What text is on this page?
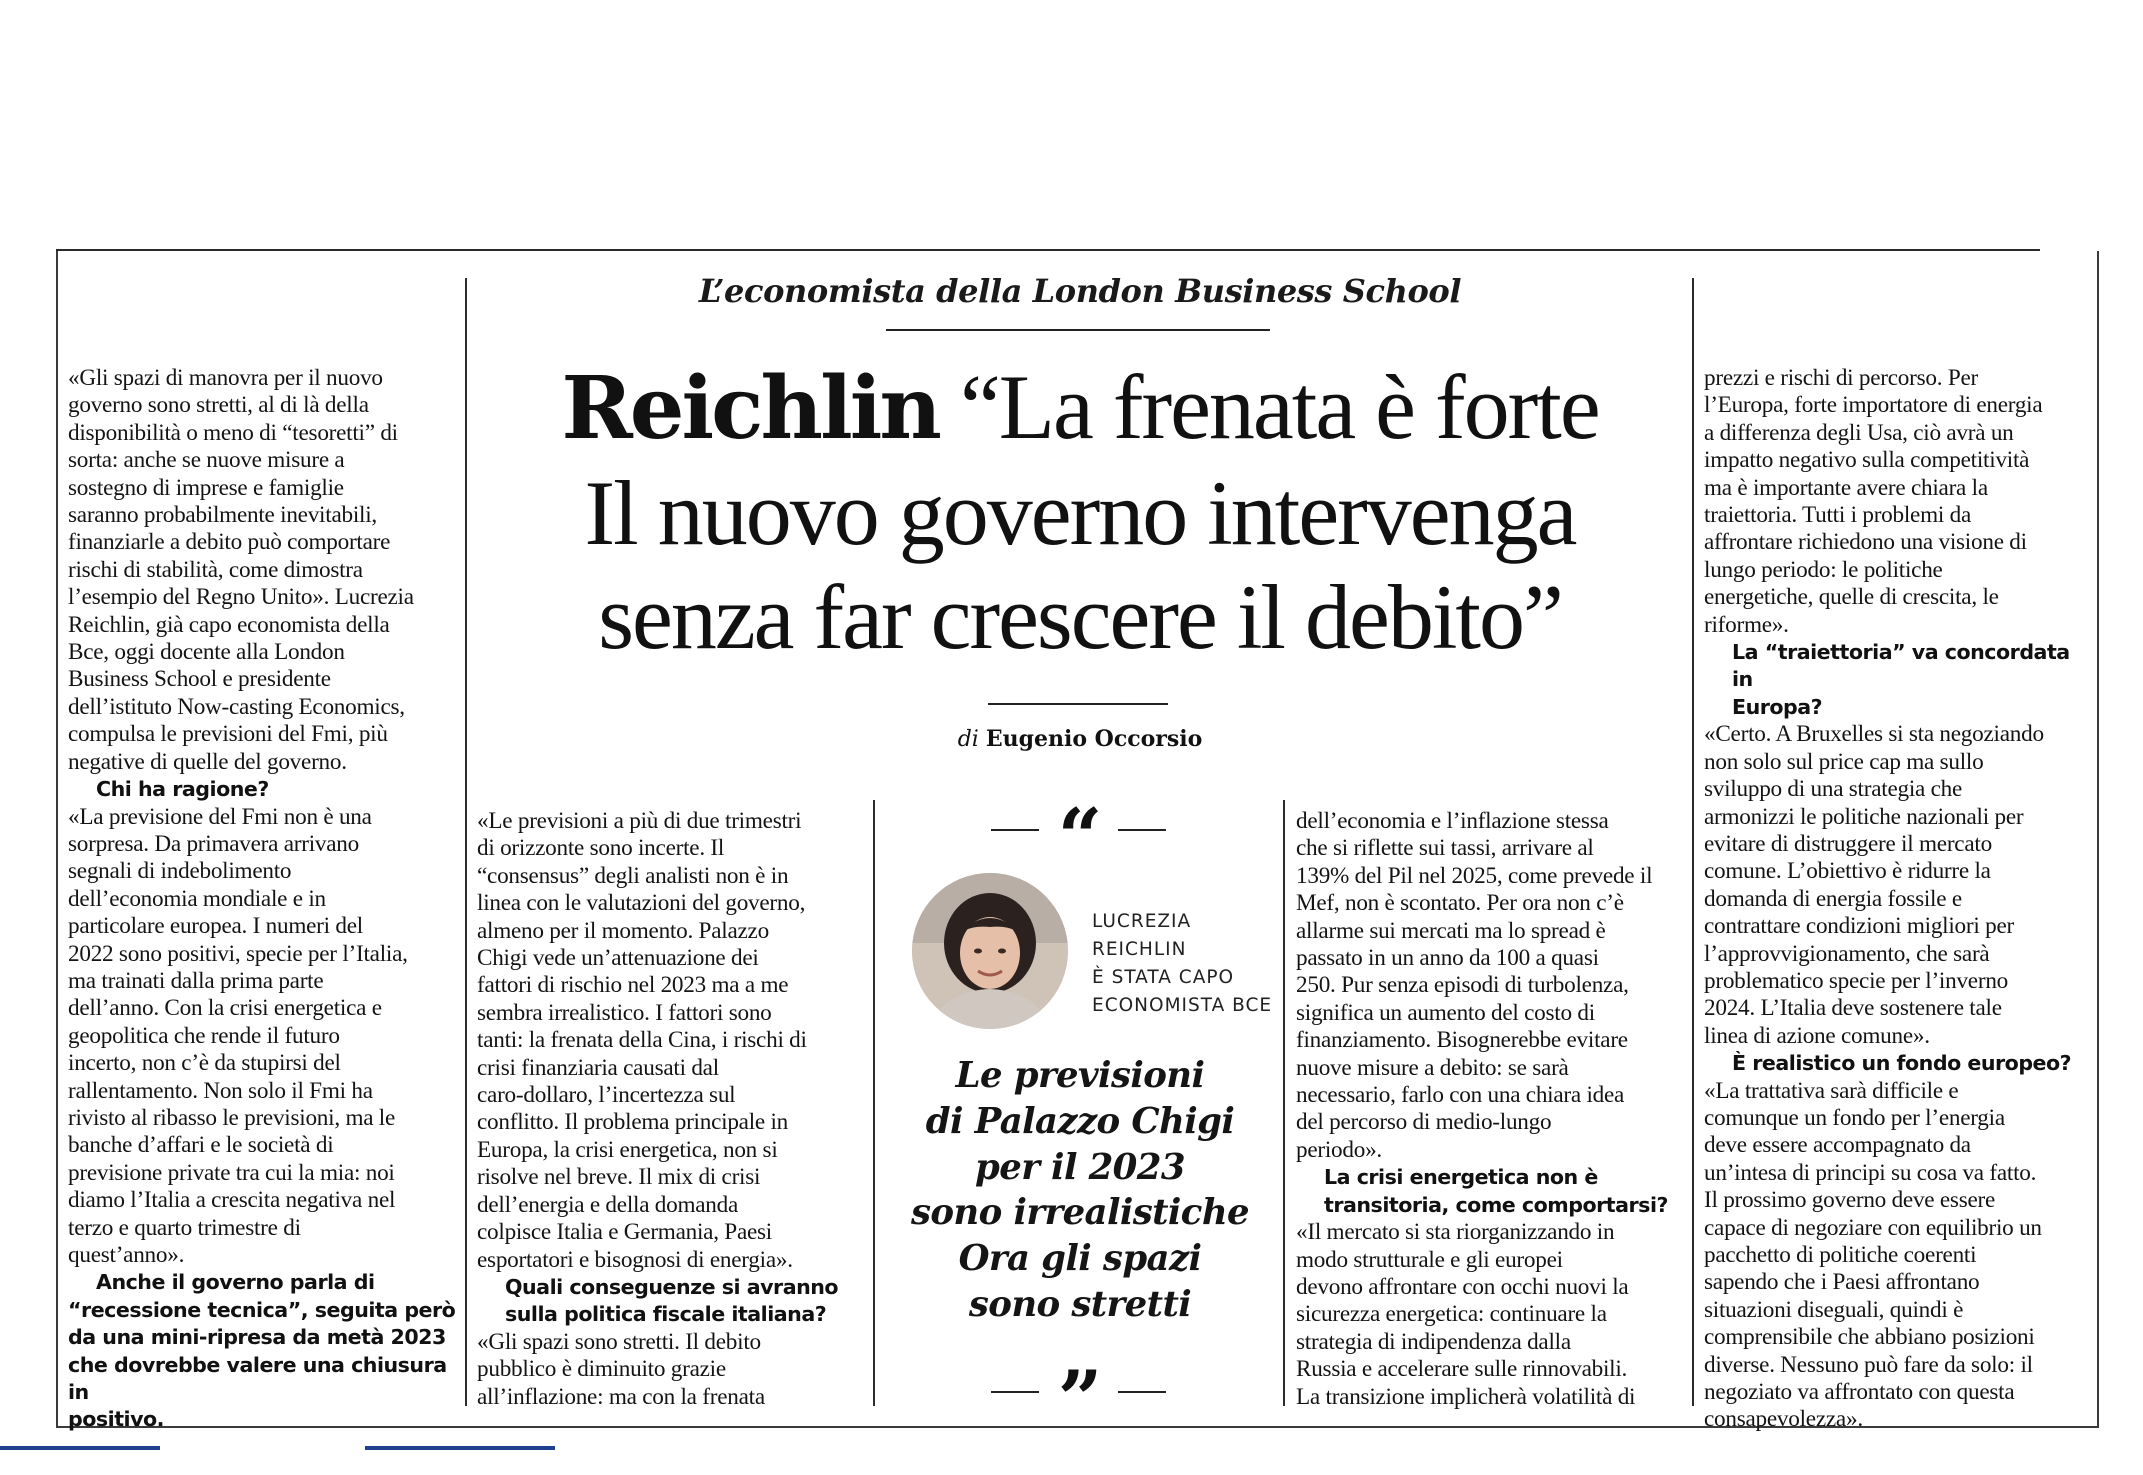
L’economista della London Business School
Reichlin “La frenata è forte
Il nuovo governo intervenga
senza far crescere il debito”
di Eugenio Occorsio
«Gli spazi di manovra per il nuovo
governo sono stretti, al di là della
disponibilità o meno di “tesoretti” di
sorta: anche se nuove misure a
sostegno di imprese e famiglie
saranno probabilmente inevitabili,
finanziarle a debito può comportare
rischi di stabilità, come dimostra
l’esempio del Regno Unito». Lucrezia
Reichlin, già capo economista della
Bce, oggi docente alla London
Business School e presidente
dell’istituto Now-casting Economics,
compulsa le previsioni del Fmi, più
negative di quelle del governo.
Chi ha ragione?
«La previsione del Fmi non è una
sorpresa. Da primavera arrivano
segnali di indebolimento
dell’economia mondiale e in
particolare europea. I numeri del
2022 sono positivi, specie per l’Italia,
ma trainati dalla prima parte
dell’anno. Con la crisi energetica e
geopolitica che rende il futuro
incerto, non c’è da stupirsi del
rallentamento. Non solo il Fmi ha
rivisto al ribasso le previsioni, ma le
banche d’affari e le società di
previsione private tra cui la mia: noi
diamo l’Italia a crescita negativa nel
terzo e quarto trimestre di
quest’anno».
Anche il governo parla di
“recessione tecnica”, seguita però
da una mini-ripresa da metà 2023
che dovrebbe valere una chiusura in
positivo.
«Le previsioni a più di due trimestri
di orizzonte sono incerte. Il
“consensus” degli analisti non è in
linea con le valutazioni del governo,
almeno per il momento. Palazzo
Chigi vede un’attenuazione dei
fattori di rischio nel 2023 ma a me
sembra irrealistico. I fattori sono
tanti: la frenata della Cina, i rischi di
crisi finanziaria causati dal
caro-dollaro, l’incertezza sul
conflitto. Il problema principale in
Europa, la crisi energetica, non si
risolve nel breve. Il mix di crisi
dell’energia e della domanda
colpisce Italia e Germania, Paesi
esportatori e bisognosi di energia».
Quali conseguenze si avranno
sulla politica fiscale italiana?
«Gli spazi sono stretti. Il debito
pubblico è diminuito grazie
all’inflazione: ma con la frenata
dell’economia e l’inflazione stessa
che si riflette sui tassi, arrivare al
139% del Pil nel 2025, come prevede il
Mef, non è scontato. Per ora non c’è
allarme sui mercati ma lo spread è
passato in un anno da 100 a quasi
250. Pur senza episodi di turbolenza,
significa un aumento del costo di
finanziamento. Bisognerebbe evitare
nuove misure a debito: se sarà
necessario, farlo con una chiara idea
del percorso di medio-lungo
periodo».
La crisi energetica non è
transitoria, come comportarsi?
«Il mercato si sta riorganizzando in
modo strutturale e gli europei
devono affrontare con occhi nuovi la
sicurezza energetica: continuare la
strategia di indipendenza dalla
Russia e accelerare sulle rinnovabili.
La transizione implicherà volatilità di
prezzi e rischi di percorso. Per
l’Europa, forte importatore di energia
a differenza degli Usa, ciò avrà un
impatto negativo sulla competitività
ma è importante avere chiara la
traiettoria. Tutti i problemi da
affrontare richiedono una visione di
lungo periodo: le politiche
energetiche, quelle di crescita, le
riforme».
La “traiettoria” va concordata in
Europa?
«Certo. A Bruxelles si sta negoziando
non solo sul price cap ma sullo
sviluppo di una strategia che
armonizzi le politiche nazionali per
evitare di distruggere il mercato
comune. L’obiettivo è ridurre la
domanda di energia fossile e
contrattare condizioni migliori per
l’approvvigionamento, che sarà
problematico specie per l’inverno
2024. L’Italia deve sostenere tale
linea di azione comune».
È realistico un fondo europeo?
«La trattativa sarà difficile e
comunque un fondo per l’energia
deve essere accompagnato da
un’intesa di principi su cosa va fatto.
Il prossimo governo deve essere
capace di negoziare con equilibrio un
pacchetto di politiche coerenti
sapendo che i Paesi affrontano
situazioni diseguali, quindi è
comprensibile che abbiano posizioni
diverse. Nessuno può fare da solo: il
negoziato va affrontato con questa
consapevolezza».
“
LUCREZIA
REICHLIN
È STATA CAPO
ECONOMISTA BCE
Le previsioni
di Palazzo Chigi
per il 2023
sono irrealistiche
Ora gli spazi
sono stretti
”
